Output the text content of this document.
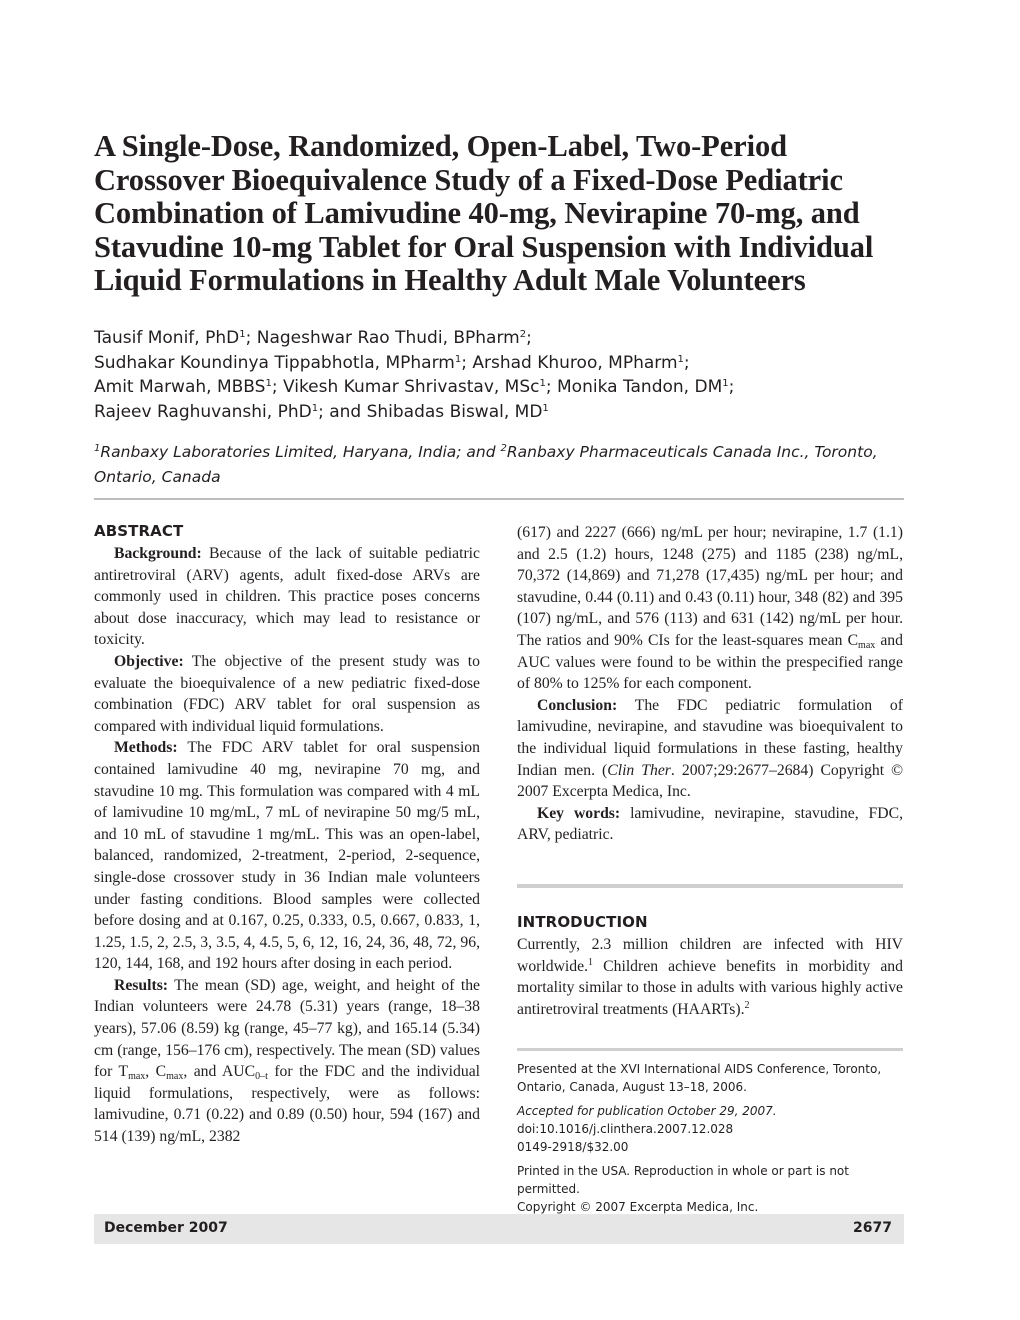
A Single-Dose, Randomized, Open-Label, Two-Period Crossover Bioequivalence Study of a Fixed-Dose Pediatric Combination of Lamivudine 40-mg, Nevirapine 70-mg, and Stavudine 10-mg Tablet for Oral Suspension with Individual Liquid Formulations in Healthy Adult Male Volunteers
Tausif Monif, PhD$^1$; Nageshwar Rao Thudi, BPharm$^2$;
Sudhakar Koundinya Tippabhotla, MPharm$^1$; Arshad Khuroo, MPharm$^1$;
Amit Marwah, MBBS$^1$; Vikesh Kumar Shrivastav, MSc$^1$; Monika Tandon, $DM^1$;
Rajeev Raghuvanshi, PhD$^1$; and Shibadas Biswal, $MD^1$
$^1$Ranbaxy Laboratories Limited, Haryana, India; and $^2$Ranbaxy Pharmaceuticals Canada Inc., Toronto, Ontario, Canada
ABSTRACT

Background: Because of the lack of suitable pediatric antiretroviral (ARV) agents, adult fixed-dose ARVs are commonly used in children. This practice poses concerns about dose inaccuracy, which may lead to resistance or toxicity.

Objective: The objective of the present study was to evaluate the bioequivalence of a new pediatric fixed-dose combination (FDC) ARV tablet for oral suspension as compared with individual liquid formulations.

Methods: The FDC ARV tablet for oral suspension contained lamivudine 40 mg, nevirapine 70 mg, and stavudine 10 mg. This formulation was compared with 4 mL of lamivudine 10 mg/mL, 7 mL of nevirapine 50 mg/5 mL, and 10 mL of stavudine 1 mg/mL. This was an open-label, balanced, randomized, 2-treatment, 2-period, 2-sequence, single-dose crossover study in 36 Indian male volunteers under fasting conditions. Blood samples were collected before dosing and at 0.167, 0.25, 0.333, 0.5, 0.667, 0.833, 1, 1.25, 1.5, 2, 2.5, 3, 3.5, 4, 4.5, 5, 6, 12, 16, 24, 36, 48, 72, 96, 120, 144, 168, and 192 hours after dosing in each period.

Results: The mean (SD) age, weight, and height of the Indian volunteers were 24.78 (5.31) years (range, 18–38 years), 57.06 (8.59) kg (range, 45–77 kg), and 165.14 (5.34) cm (range, 156–176 cm), respectively. The mean (SD) values for $T_{max}$, $C_{max}$, and $AUC_{0-t}$ for the FDC and the individual liquid formulations, respectively, were as follows: lamivudine, 0.71 (0.22) and 0.89 (0.50) hour, 594 (167) and 514 (139) ng/mL, 2382

(617) and 2227 (666) ng/mL per hour; nevirapine, 1.7 (1.1) and 2.5 (1.2) hours, 1248 (275) and 1185 (238) ng/mL, 70,372 (14,869) and 71,278 (17,435) ng/mL per hour; and stavudine, 0.44 (0.11) and 0.43 (0.11) hour, 348 (82) and 395 (107) ng/mL, and 576 (113) and 631 (142) ng/mL per hour. The ratios and 90% CIs for the least-squares mean $C_{max}$ and AUC values were found to be within the prespecified range of 80% to 125% for each component.

Conclusion: The FDC pediatric formulation of lamivudine, nevirapine, and stavudine was bioequivalent to the individual liquid formulations in these fasting, healthy Indian men. (Clin Ther. 2007;29:2677–2684) Copyright © 2007 Excerpta Medica, Inc.

Key words: lamivudine, nevirapine, stavudine, FDC, ARV, pediatric.

INTRODUCTION

Currently, 2.3 million children are infected with HIV worldwide.$^1$ Children achieve benefits in morbidity and mortality similar to those in adults with various highly active antiretroviral treatments (HAARTs).$^2$

Presented at the XVI International AIDS Conference, Toronto, Ontario, Canada, August 13–18, 2006.

Accepted for publication October 29, 2007.

doi:10.1016/j.clinthera.2007.12.028

0149-2918/$32.00

Printed in the USA. Reproduction in whole or part is not permitted.

Copyright © 2007 Excerpta Medica, Inc.

December 2007	2677
